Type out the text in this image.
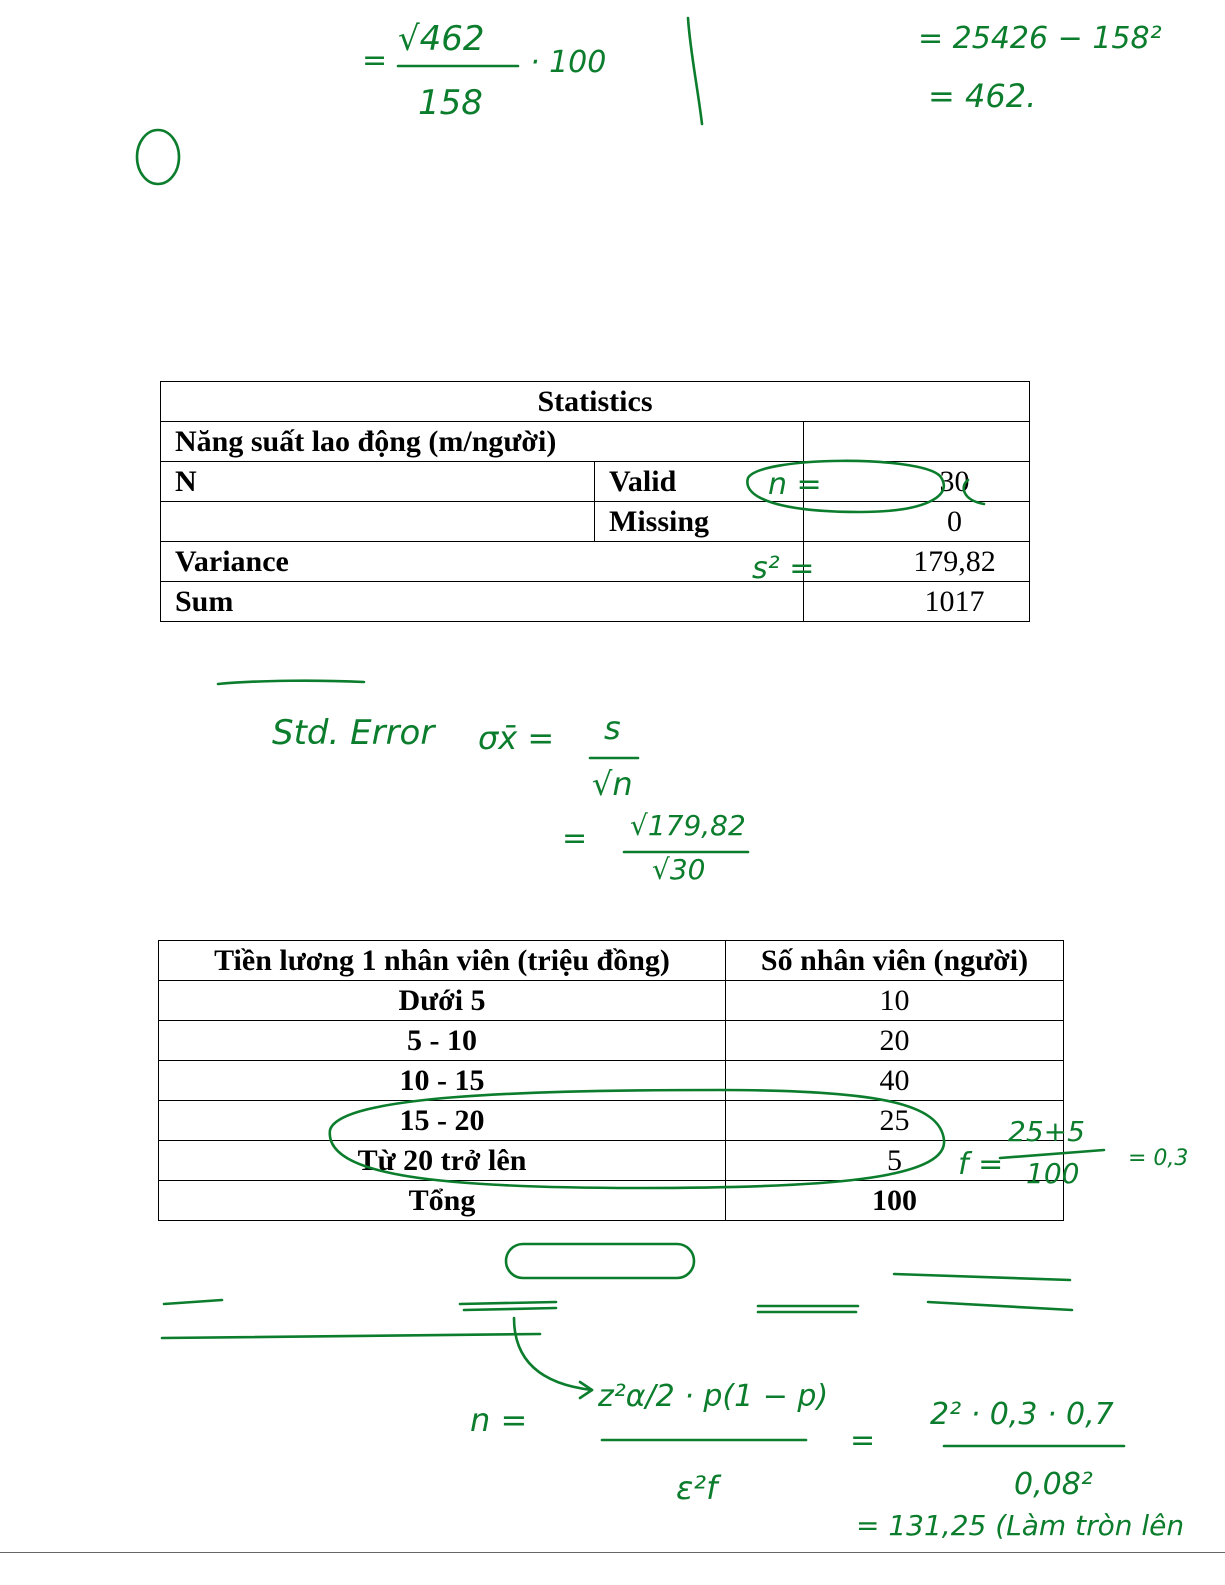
=
√462
158
· 100
= 25426 − 158²
= 462.
Statistics		
Năng suất lao động (m/người)		
N	Valid	30
	Missing	0
Variance		179,82
Sum		1017
n =
s² =
Std. Error σx̄ = s
√n
= √179,82
√30
Tiền lương 1 nhân viên (triệu đồng)	Số nhân viên (người)
Dưới 5	10
5 - 10	20
10 - 15	40
15 - 20	25
Từ 20 trở lên	5
Tổng	100
f =
25+5
100 = 0,3
n =
z²α/2 · p(1 − p)
ε²f
=
2² · 0,3 · 0,7
0,08²
= 131,25 (Làm tròn lên
